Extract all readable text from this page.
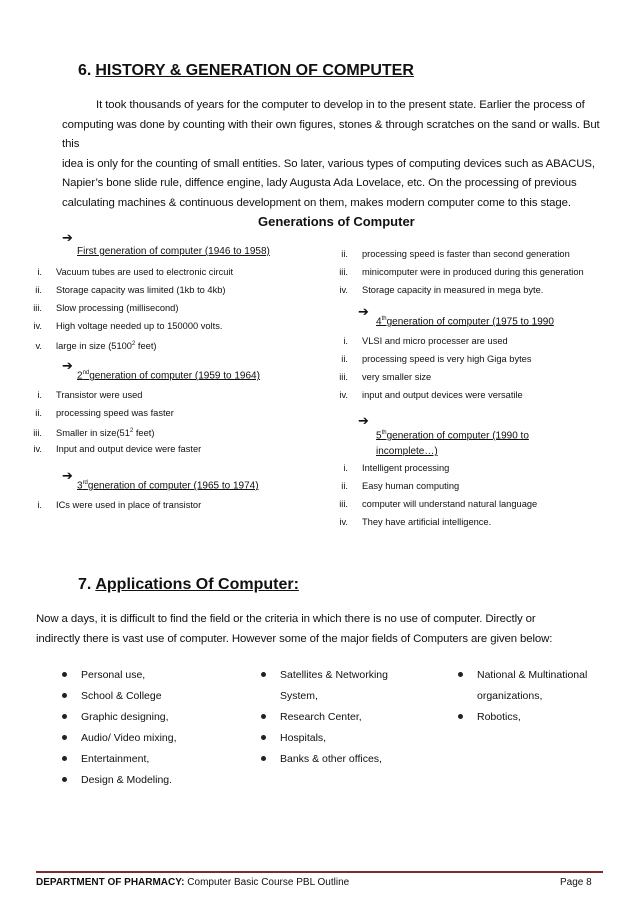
6. HISTORY & GENERATION OF COMPUTER
It took thousands of years for the computer to develop in to the present state. Earlier the process of
computing was done by counting with their own figures, stones & through scratches on the sand or walls. But this
idea is only for the counting of small entities. So later, various types of computing devices such as ABACUS,
Napier’s bone slide rule, diffence engine, lady Augusta Ada Lovelace, etc. On the processing of previous
calculating machines & continuous development on them, makes modern computer come to this stage.
Generations of Computer
➔
First generation of computer (1946 to 1958)
i. Vacuum tubes are used to electronic circuit
ii. Storage capacity was limited (1kb to 4kb)
iii. Slow processing (millisecond)
iv. High voltage needed up to 150000 volts.
v. large in size (5100$^2$ feet)
➔
2ndgeneration of computer (1959 to 1964)
i. Transistor were used
ii. processing speed was faster
iii. Smaller in $size(51^2$ feet)
iv. Input and output device were faster
➔
3rdgeneration of computer (1965 to 1974)
i. ICs were used in place of transistor
ii. processing speed is faster than second generation
iii. minicomputer were in produced during this generation
iv. Storage capacity in measured in mega byte.
➔
4thgeneration of computer (1975 to 1990
i. VLSI and micro processer are used
ii. processing speed is very high Giga bytes
iii. very smaller size
iv. input and output devices were versatile
➔
5thgeneration of computer (1990 to
incomplete…)
i. Intelligent processing
ii. Easy human computing
iii. computer will understand natural language
iv. They have artificial intelligence.
7. Applications Of Computer:
Now a days, it is difficult to find the field or the criteria in which there is no use of computer. Directly or
indirectly there is vast use of computer. However some of the major fields of Computers are given below:
Personal use,
School & College
Graphic designing,
Audio/ Video mixing,
Entertainment,
Design & Modeling.
Satellites & Networking
System,
Research Center,
Hospitals,
Banks & other offices,
National & Multinational
organizations,
Robotics,
DEPARTMENT OF PHARMACY: Computer Basic Course PBL Outline	Page 8
